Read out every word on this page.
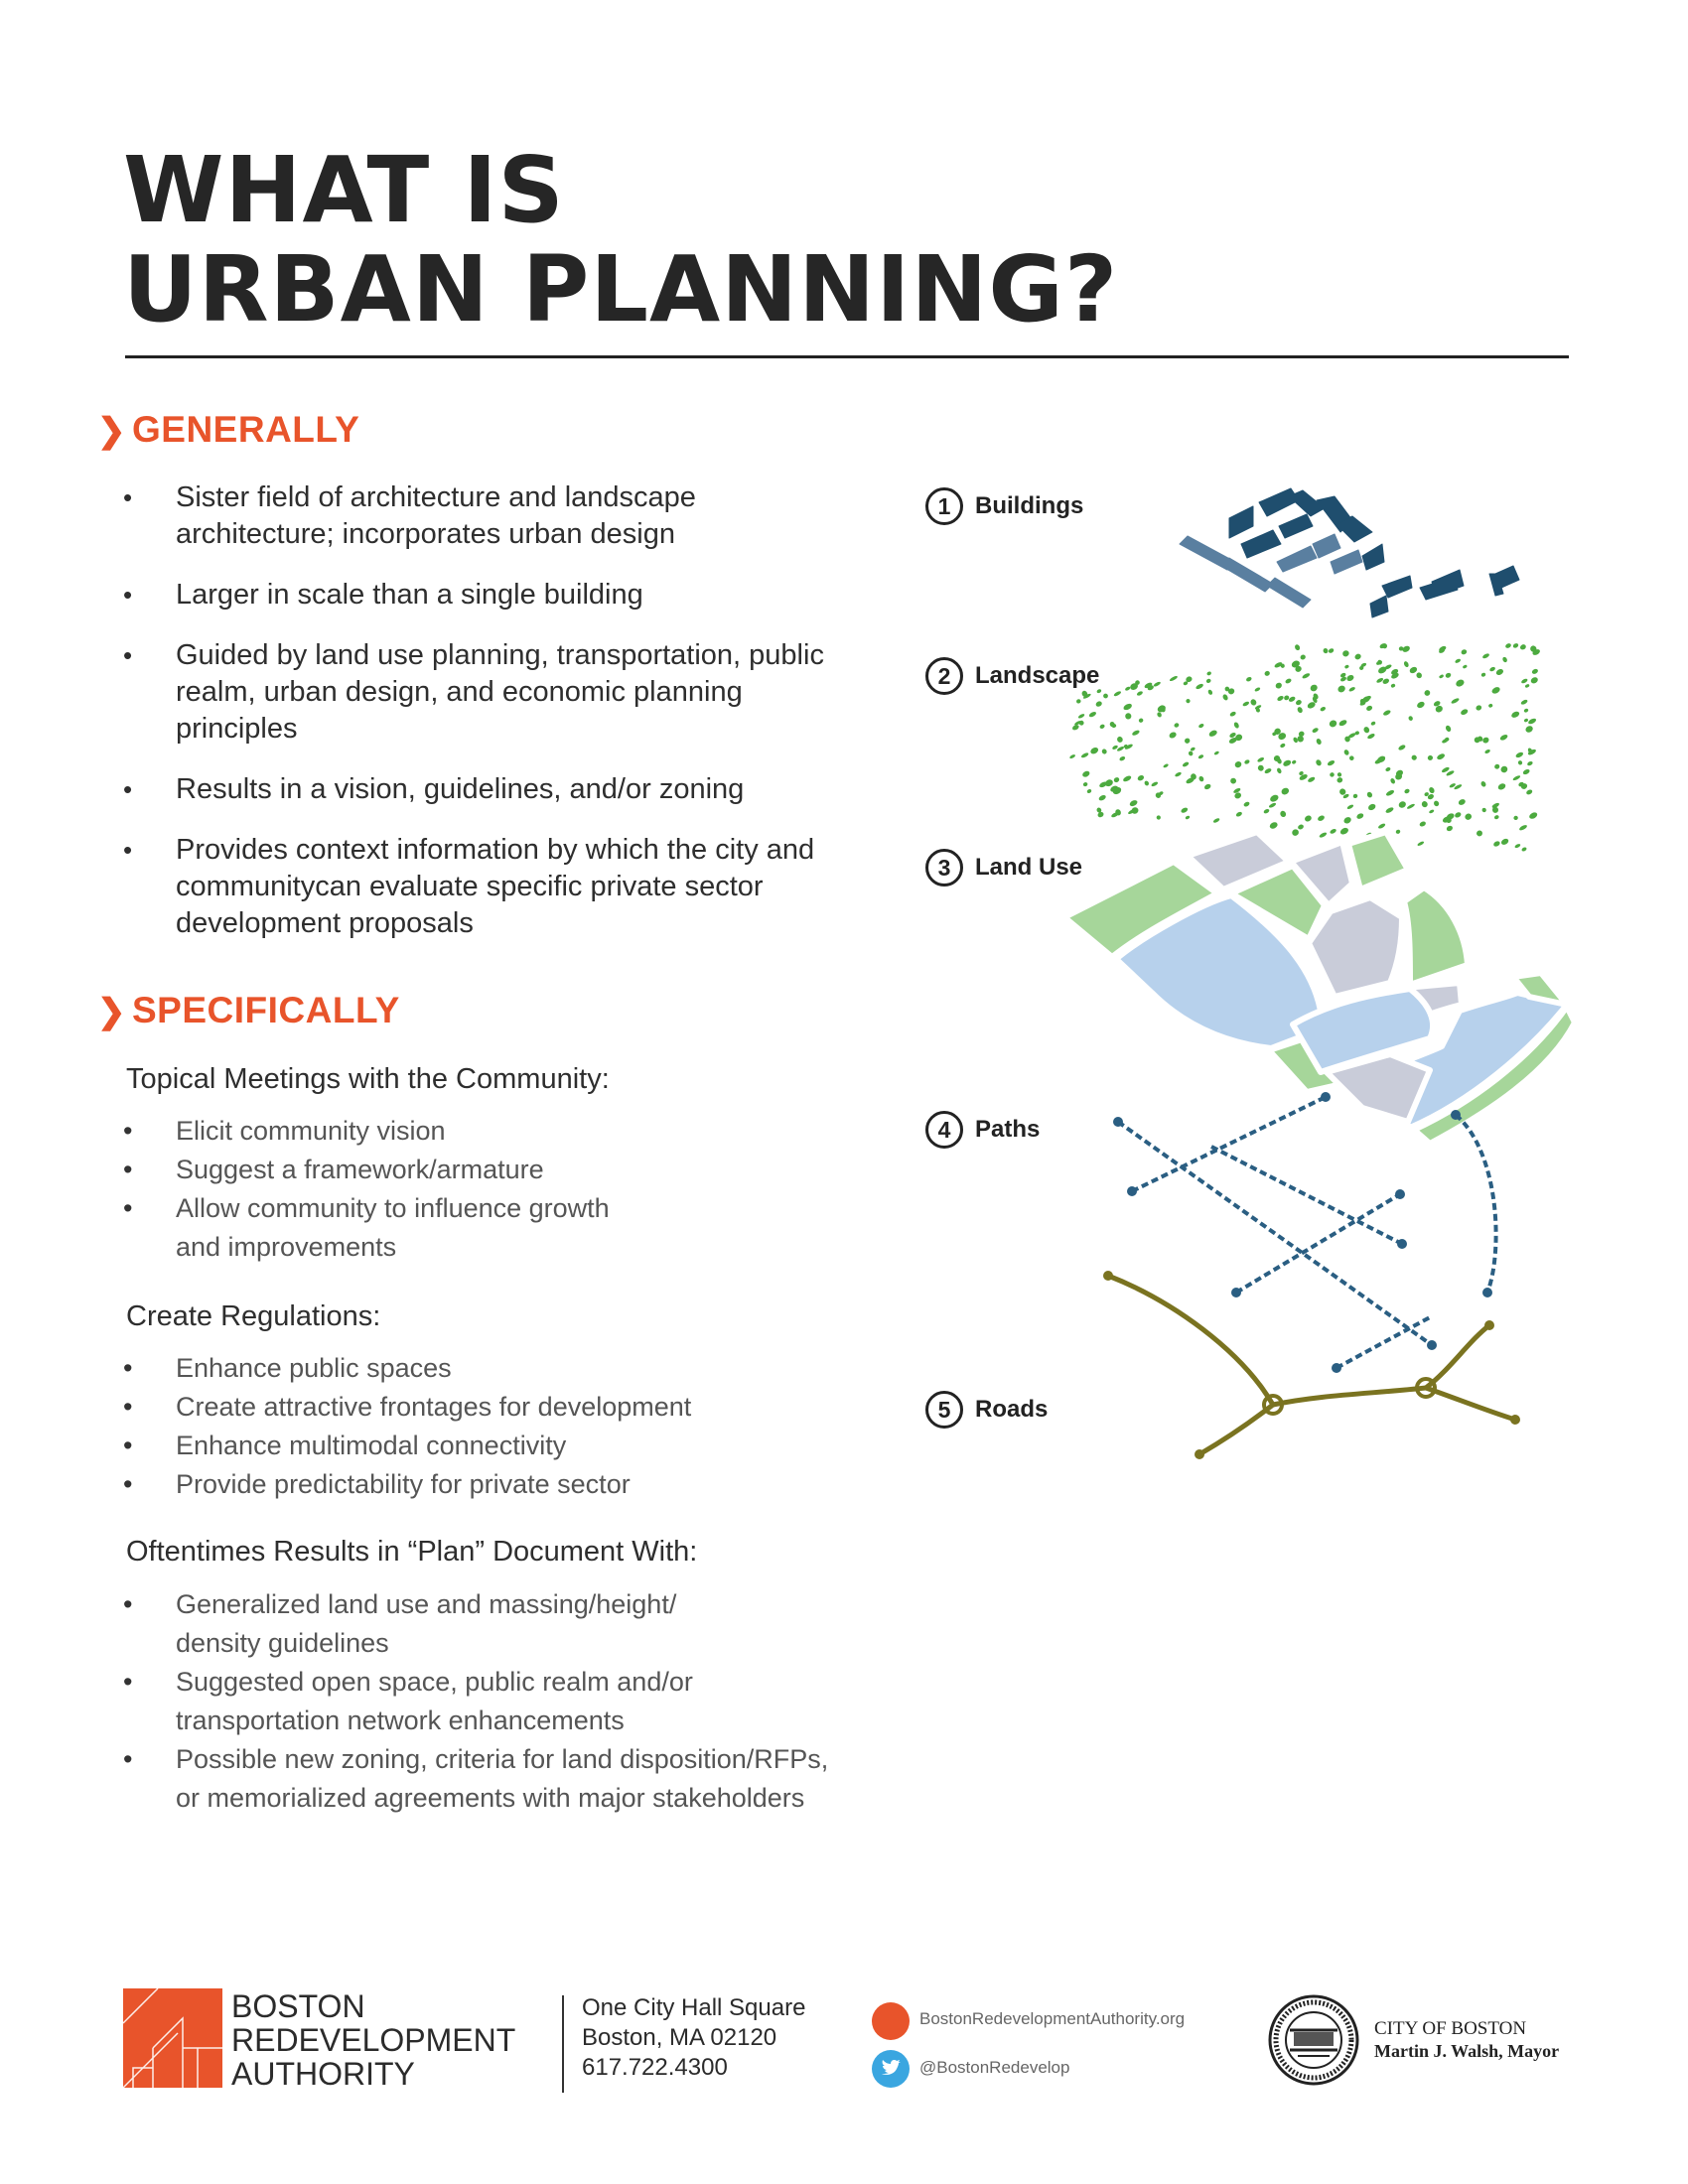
WHAT IS
URBAN PLANNING?
❯ GENERALLY
• Sister field of architecture and landscape architecture; incorporates urban design
• Larger in scale than a single building
• Guided by land use planning, transportation, public realm, urban design, and economic planning principles
• Results in a vision, guidelines, and/or zoning
• Provides context information by which the city and communitycan evaluate specific private sector development proposals
❯ SPECIFICALLY

Topical Meetings with the Community:

• Elicit community vision
• Suggest a framework/armature
• Allow community to influence growth
and improvements

Create Regulations:

• Enhance public spaces
• Create attractive frontages for development
• Enhance multimodal connectivity
• Provide predictability for private sector

Oftentimes Results in “Plan” Document With:

• Generalized land use and massing/height/
density guidelines
• Suggested open space, public realm and/or
transportation network enhancements
• Possible new zoning, criteria for land disposition/RFPs,
or memorialized agreements with major stakeholders
1	Buildings
2	Landscape
3	Land Use
4	Paths
5	Roads
BOSTON
REDEVELOPMENT
AUTHORITY
One City Hall Square
Boston, MA 02120
617.722.4300
BostonRedevelopmentAuthority.org
@BostonRedevelop
CITY OF BOSTON
Martin J. Walsh, Mayor
